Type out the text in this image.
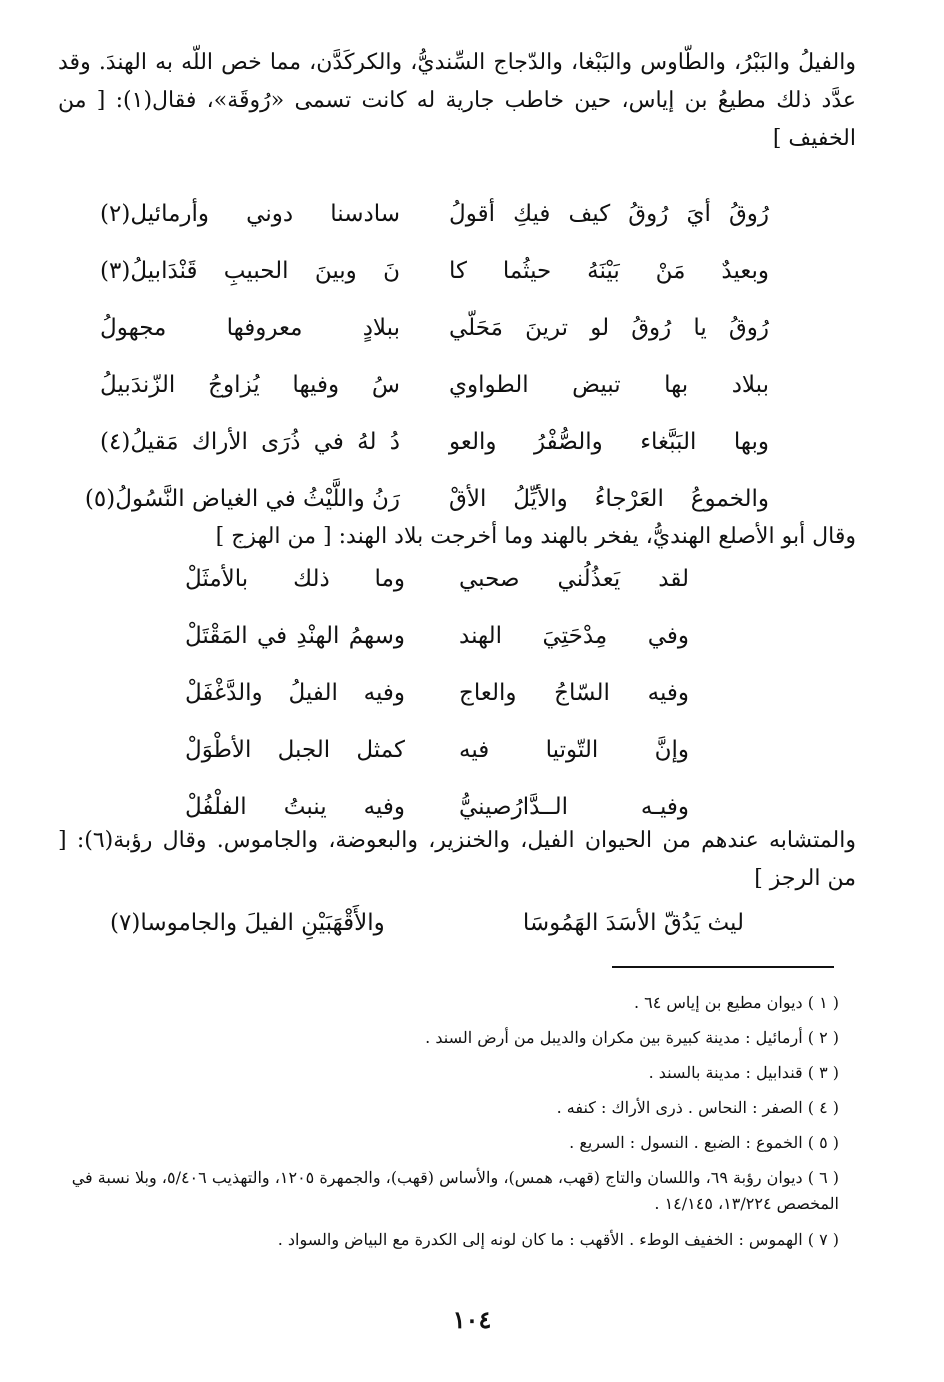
والفيلُ والبَبْرُ، والطّاوس والبَبْغا، والدّجاج السِّنديُّ، والكركَدَّن، مما خص اللّه به الهندَ. وقد عدَّد ذلك مطيعُ بن إياس، حين خاطب جارية له كانت تسمى «رُوقَة»، فقال(١): [ من الخفيف ]
رُوقُ أيَ رُوقُ كيف فيكِ أقولُ
سادسنا دوني وأرمائيل(٢)
وبعيدٌ مَنْ بَيْنَهُ حيثُما كا
نَ وبينَ الحبيبِ قَنْدَابيلُ(٣)
رُوقُ يا رُوقُ لو ترينَ مَحَلّي
ببلادٍ معروفها مجهولُ
ببلاد بها تبيض الطواوي
سُ وفيها يُزاوجُ الزّندَبيلُ
وبها البَبَّغاء والصُّفْرُ والعو
دُ لهُ في ذُرَى الأراك مَقيلُ(٤)
والخموعُ العَرْجاءُ والأيِّلُ الأقْ
رَنُ واللَّيْثُ في الغياض النَّسُولُ(٥)
وقال أبو الأصلع الهنديُّ، يفخر بالهند وما أخرجت بلاد الهند: [ من الهزج ]
لقد يَعذُلُني صحبي
وما ذلك بالأمثَلْ
وفي مِدْحَتِيَ الهند
وسهمُ الهنْدِ في المَقْتَلْ
وفيه السّاجُ والعاج
وفيه الفيلُ والدَّغْفَلْ
وإنَّ التّوتيا فيه
كمثل الجبل الأطْوَلْ
وفيـه الــدَّارُصينيُّ
وفيه ينبتُ الفلْفُلْ
والمتشابه عندهم من الحيوان الفيل، والخنزير، والبعوضة، والجاموس. وقال رؤبة(٦): [ من الرجز ]
ليث يَدُقّ الأسَدَ الهَمُوسَا
والأَقْهَبَيْنِ الفيلَ والجاموسا(٧)
( ١ ) ديوان مطيع بن إياس ٦٤ .
( ٢ ) أرمائيل : مدينة كبيرة بين مكران والديبل من أرض السند .
( ٣ ) قندابيل : مدينة بالسند .
( ٤ ) الصفر : النحاس . ذرى الأراك : كنفه .
( ٥ ) الخموع : الضبع . النسول : السريع .
( ٦ ) ديوان رؤبة ٦٩، واللسان والتاج (قهب، همس)، والأساس (قهب)، والجمهرة ١٢٠٥، والتهذيب ٥/٤٠٦، وبلا نسبة في المخصص ١٣/٢٢٤، ١٤/١٤٥ .
( ٧ ) الهموس : الخفيف الوطء . الأقهب : ما كان لونه إلى الكدرة مع البياض والسواد .
١٠٤
